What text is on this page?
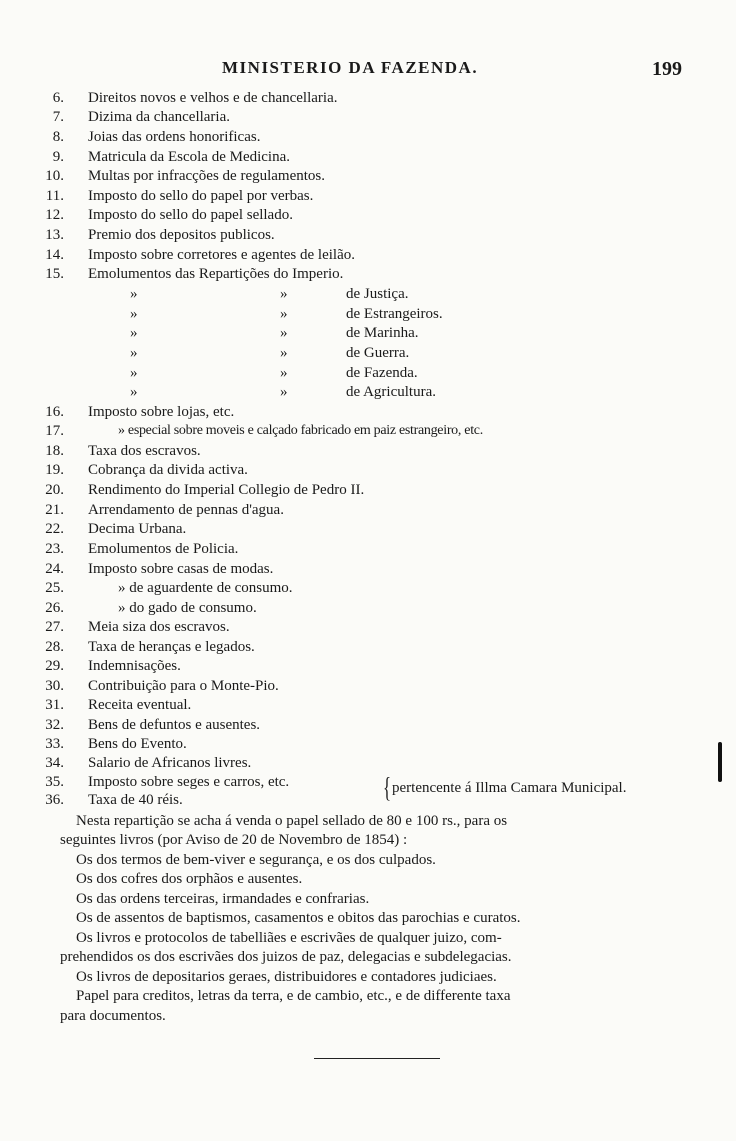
MINISTERIO DA FAZENDA.	199
6. Direitos novos e velhos e de chancellaria.
7. Dizima da chancellaria.
8. Joias das ordens honorificas.
9. Matricula da Escola de Medicina.
10. Multas por infracções de regulamentos.
11. Imposto do sello do papel por verbas.
12. Imposto do sello do papel sellado.
13. Premio dos depositos publicos.
14. Imposto sobre corretores e agentes de leilão.
15. Emolumentos das Repartições do Imperio.
»	»	de Justiça.
»	»	de Estrangeiros.
»	»	de Marinha.
»	»	de Guerra.
»	»	de Fazenda.
»	»	de Agricultura.
16. Imposto sobre lojas, etc.
17.	» especial sobre moveis e calçado fabricado em paiz estrangeiro, etc.
18. Taxa dos escravos.
19. Cobrança da divida activa.
20. Rendimento do Imperial Collegio de Pedro II.
21. Arrendamento de pennas d'agua.
22. Decima Urbana.
23. Emolumentos de Policia.
24. Imposto sobre casas de modas.
25.	» de aguardente de consumo.
26.	» do gado de consumo.
27. Meia siza dos escravos.
28. Taxa de heranças e legados.
29. Indemnisações.
30. Contribuição para o Monte-Pio.
31. Receita eventual.
32. Bens de defuntos e ausentes.
33. Bens do Evento.
34. Salario de Africanos livres.
35. Imposto sobre seges e carros, etc.
36. Taxa de 40 réis.	{ pertencente á Illma Camara Municipal.
Nesta repartição se acha á venda o papel sellado de 80 e 100 rs., para os
seguintes livros (por Aviso de 20 de Novembro de 1854) :
Os dos termos de bem-viver e segurança, e os dos culpados.
Os dos cofres dos orphãos e ausentes.
Os das ordens terceiras, irmandades e confrarias.
Os de assentos de baptismos, casamentos e obitos das parochias e curatos.
Os livros e protocolos de tabelliães e escrivães de qualquer juizo, com-
prehendidos os dos escrivães dos juizos de paz, delegacias e subdelegacias.
Os livros de depositarios geraes, distribuidores e contadores judiciaes.
Papel para creditos, letras da terra, e de cambio, etc., e de differente taxa
para documentos.
